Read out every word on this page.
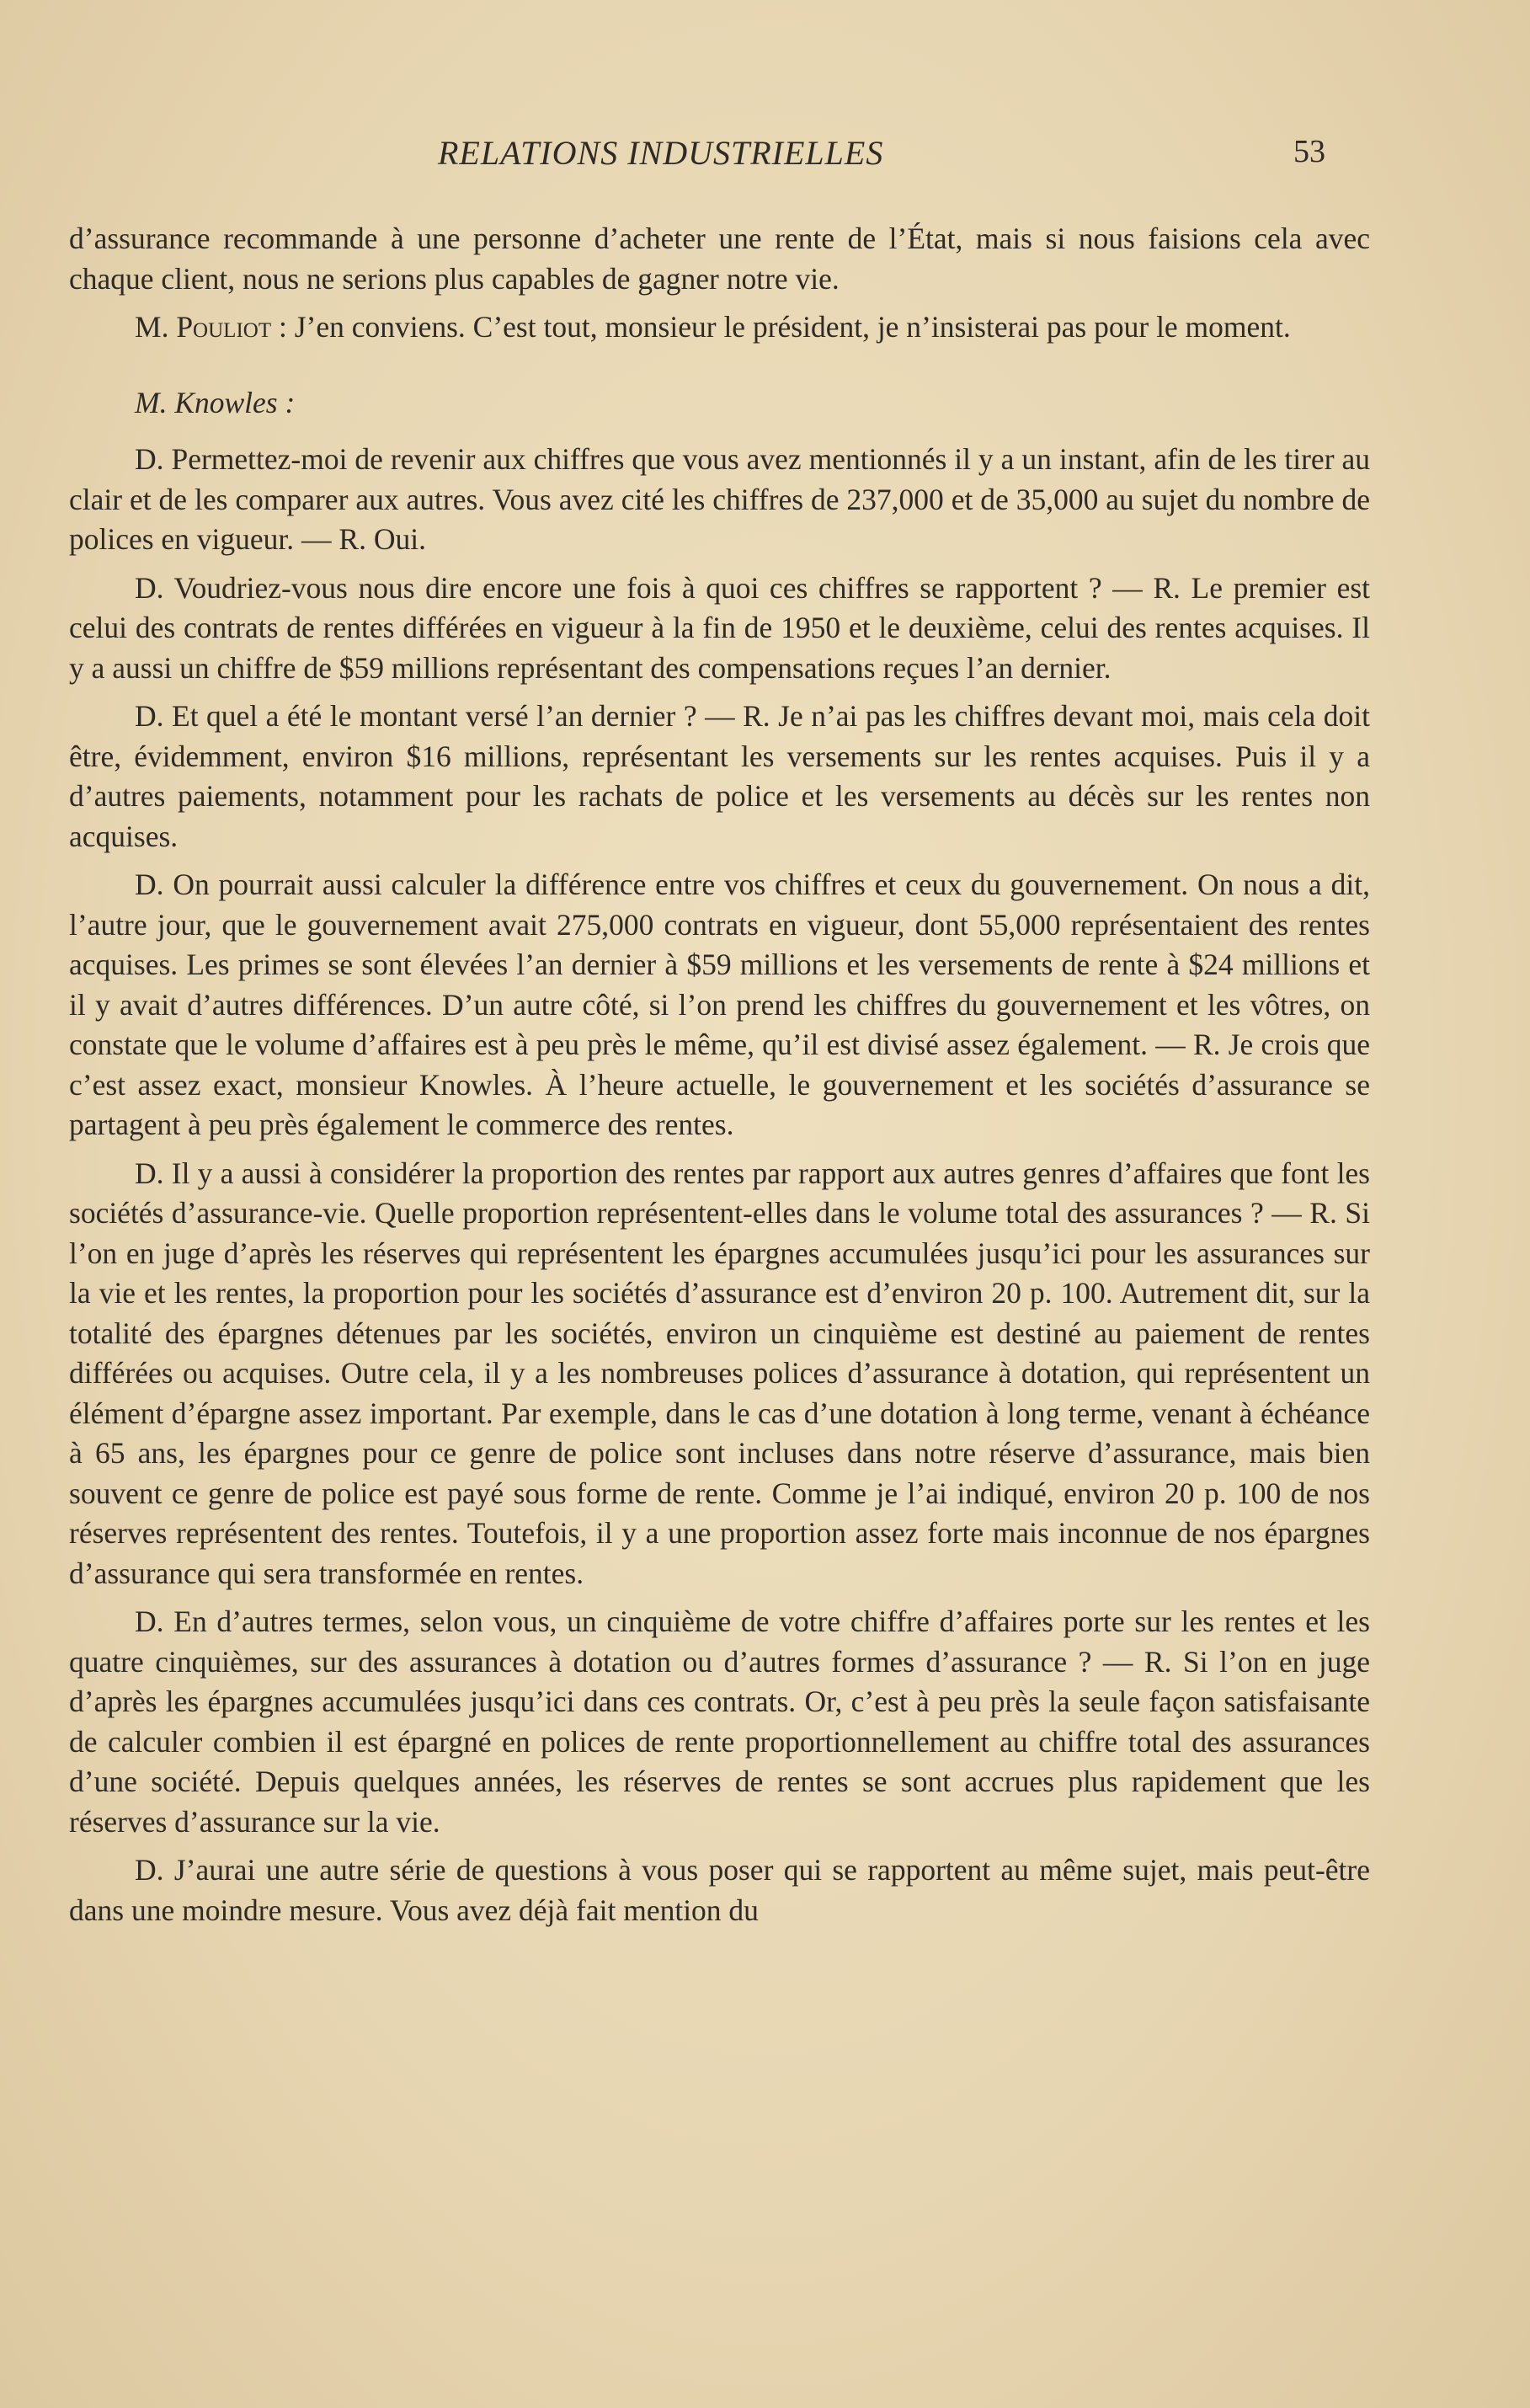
RELATIONS INDUSTRIELLES	53

d’assurance recommande à une personne d’acheter une rente de l’État, mais si nous faisions cela avec chaque client, nous ne serions plus capables de gagner notre vie.

M. Pouliot : J’en conviens. C’est tout, monsieur le président, je n’insisterai pas pour le moment.

M. Knowles :

D. Permettez-moi de revenir aux chiffres que vous avez mentionnés il y a un instant, afin de les tirer au clair et de les comparer aux autres. Vous avez cité les chiffres de 237,000 et de 35,000 au sujet du nombre de polices en vigueur. — R. Oui.

D. Voudriez-vous nous dire encore une fois à quoi ces chiffres se rapportent ? — R. Le premier est celui des contrats de rentes différées en vigueur à la fin de 1950 et le deuxième, celui des rentes acquises. Il y a aussi un chiffre de $59 millions représentant des compensations reçues l’an dernier.

D. Et quel a été le montant versé l’an dernier ? — R. Je n’ai pas les chiffres devant moi, mais cela doit être, évidemment, environ $16 millions, représentant les versements sur les rentes acquises. Puis il y a d’autres paiements, notamment pour les rachats de police et les versements au décès sur les rentes non acquises.

D. On pourrait aussi calculer la différence entre vos chiffres et ceux du gouvernement. On nous a dit, l’autre jour, que le gouvernement avait 275,000 contrats en vigueur, dont 55,000 représentaient des rentes acquises. Les primes se sont élevées l’an dernier à $59 millions et les versements de rente à $24 millions et il y avait d’autres différences. D’un autre côté, si l’on prend les chiffres du gouvernement et les vôtres, on constate que le volume d’affaires est à peu près le même, qu’il est divisé assez également. — R. Je crois que c’est assez exact, monsieur Knowles. À l’heure actuelle, le gouvernement et les sociétés d’assurance se partagent à peu près également le commerce des rentes.

D. Il y a aussi à considérer la proportion des rentes par rapport aux autres genres d’affaires que font les sociétés d’assurance-vie. Quelle proportion représentent-elles dans le volume total des assurances ? — R. Si l’on en juge d’après les réserves qui représentent les épargnes accumulées jusqu’ici pour les assurances sur la vie et les rentes, la proportion pour les sociétés d’assurance est d’environ 20 p. 100. Autrement dit, sur la totalité des épargnes détenues par les sociétés, environ un cinquième est destiné au paiement de rentes différées ou acquises. Outre cela, il y a les nombreuses polices d’assurance à dotation, qui représentent un élément d’épargne assez important. Par exemple, dans le cas d’une dotation à long terme, venant à échéance à 65 ans, les épargnes pour ce genre de police sont incluses dans notre réserve d’assurance, mais bien souvent ce genre de police est payé sous forme de rente. Comme je l’ai indiqué, environ 20 p. 100 de nos réserves représentent des rentes. Toutefois, il y a une proportion assez forte mais inconnue de nos épargnes d’assurance qui sera transformée en rentes.

D. En d’autres termes, selon vous, un cinquième de votre chiffre d’affaires porte sur les rentes et les quatre cinquièmes, sur des assurances à dotation ou d’autres formes d’assurance ? — R. Si l’on en juge d’après les épargnes accumulées jusqu’ici dans ces contrats. Or, c’est à peu près la seule façon satisfaisante de calculer combien il est épargné en polices de rente proportionnellement au chiffre total des assurances d’une société. Depuis quelques années, les réserves de rentes se sont accrues plus rapidement que les réserves d’assurance sur la vie.

D. J’aurai une autre série de questions à vous poser qui se rapportent au même sujet, mais peut-être dans une moindre mesure. Vous avez déjà fait mention du
